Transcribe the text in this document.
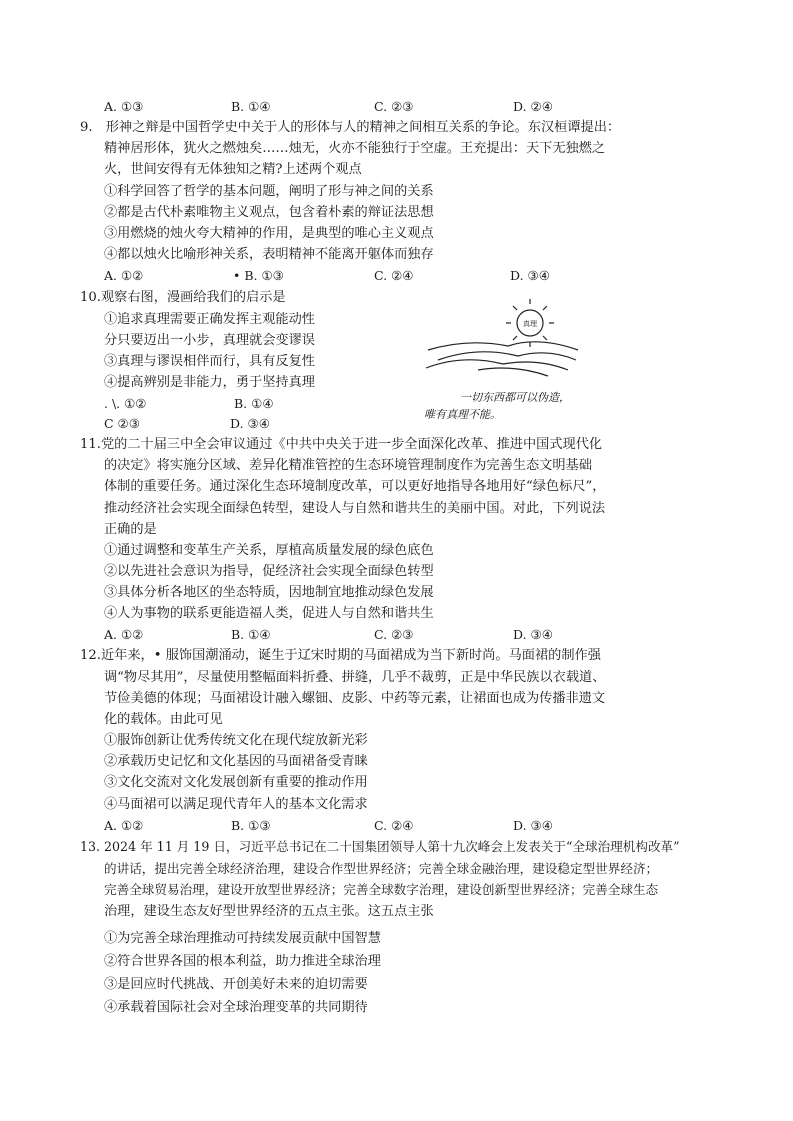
A. ①③	B. ①④	C. ②③	D. ②④
9.　形神之辩是中国哲学史中关于人的形体与人的精神之间相互关系的争论。东汉桓谭提出：
精神居形体，犹火之燃烛矣……烛无，火亦不能独行于空虚。王充提出：天下无独燃之
火，世间安得有无体独知之精?上述两个观点
①科学回答了哲学的基本问题，阐明了形与神之间的关系
②都是古代朴素唯物主义观点，包含着朴素的辩证法思想
③用燃烧的烛火夸大精神的作用，是典型的唯心主义观点
④都以烛火比喻形神关系，表明精神不能离开躯体而独存
A. ①②	• B. ①③	C. ②④	D. ③④
10.观察右图，漫画给我们的启示是
①追求真理需要正确发挥主观能动性
分只要迈出一小步，真理就会变谬误
③真理与谬误相伴而行，具有反复性
④提高辨别是非能力，勇于坚持真理
. \. ①②	B. ①④
C ②③	D. ③④
真理
一切东西都可以伪造，
唯有真理不能。
11.党的二十届三中全会审议通过《中共中央关于进一步全面深化改革、推进中国式现代化
的决定》将实施分区域、差异化精准管控的生态环境管理制度作为完善生态文明基础
体制的重要任务。通过深化生态环境制度改革，可以更好地指导各地用好“绿色标尺”，
推动经济社会实现全面绿色转型，建设人与自然和谐共生的美丽中国。对此，下列说法
正确的是
①通过调整和变革生产关系，厚植高质量发展的绿色底色
②以先进社会意识为指导，促经济社会实现全面绿色转型
③具体分析各地区的坐态特质，因地制宜地推动绿色发展
④人为事物的联系更能造福人类，促进人与自然和谐共生
A. ①②	B. ①④	C. ②③	D. ③④
12.近年来，• 服饰国潮涌动，诞生于辽宋时期的马面裙成为当下新时尚。马面裙的制作强
调“物尽其用”，尽量使用整幅面料折叠、拼缝，几乎不裁剪，正是中华民族以衣载道、
节俭美德的体现；马面裙设计融入螺钿、皮影、中药等元素，让裙面也成为传播非遗文
化的载体。由此可见
①服饰创新让优秀传统文化在现代绽放新光彩
②承载历史记忆和文化基因的马面裙备受青睐
③文化交流对文化发展创新有重要的推动作用
④马面裙可以满足现代青年人的基本文化需求
A. ①②	B. ①③	C. ②④	D. ③④
13. 2024 年 11 月 19 日，习近平总书记在二十国集团领导人第十九次峰会上发表关于“全球治理机构改革”
的讲话，提出完善全球经济治理，建设合作型世界经济；完善全球金融治理，建设稳定型世界经济；
完善全球贸易治理，建设开放型世界经济；完善全球数字治理，建设创新型世界经济；完善全球生态
治理，建设生态友好型世界经济的五点主张。这五点主张
①为完善全球治理推动可持续发展贡献中国智慧
②符合世界各国的根本利益，助力推进全球治理
③是回应时代挑战、开创美好未来的迫切需要
④承载着国际社会对全球治理变革的共同期待
